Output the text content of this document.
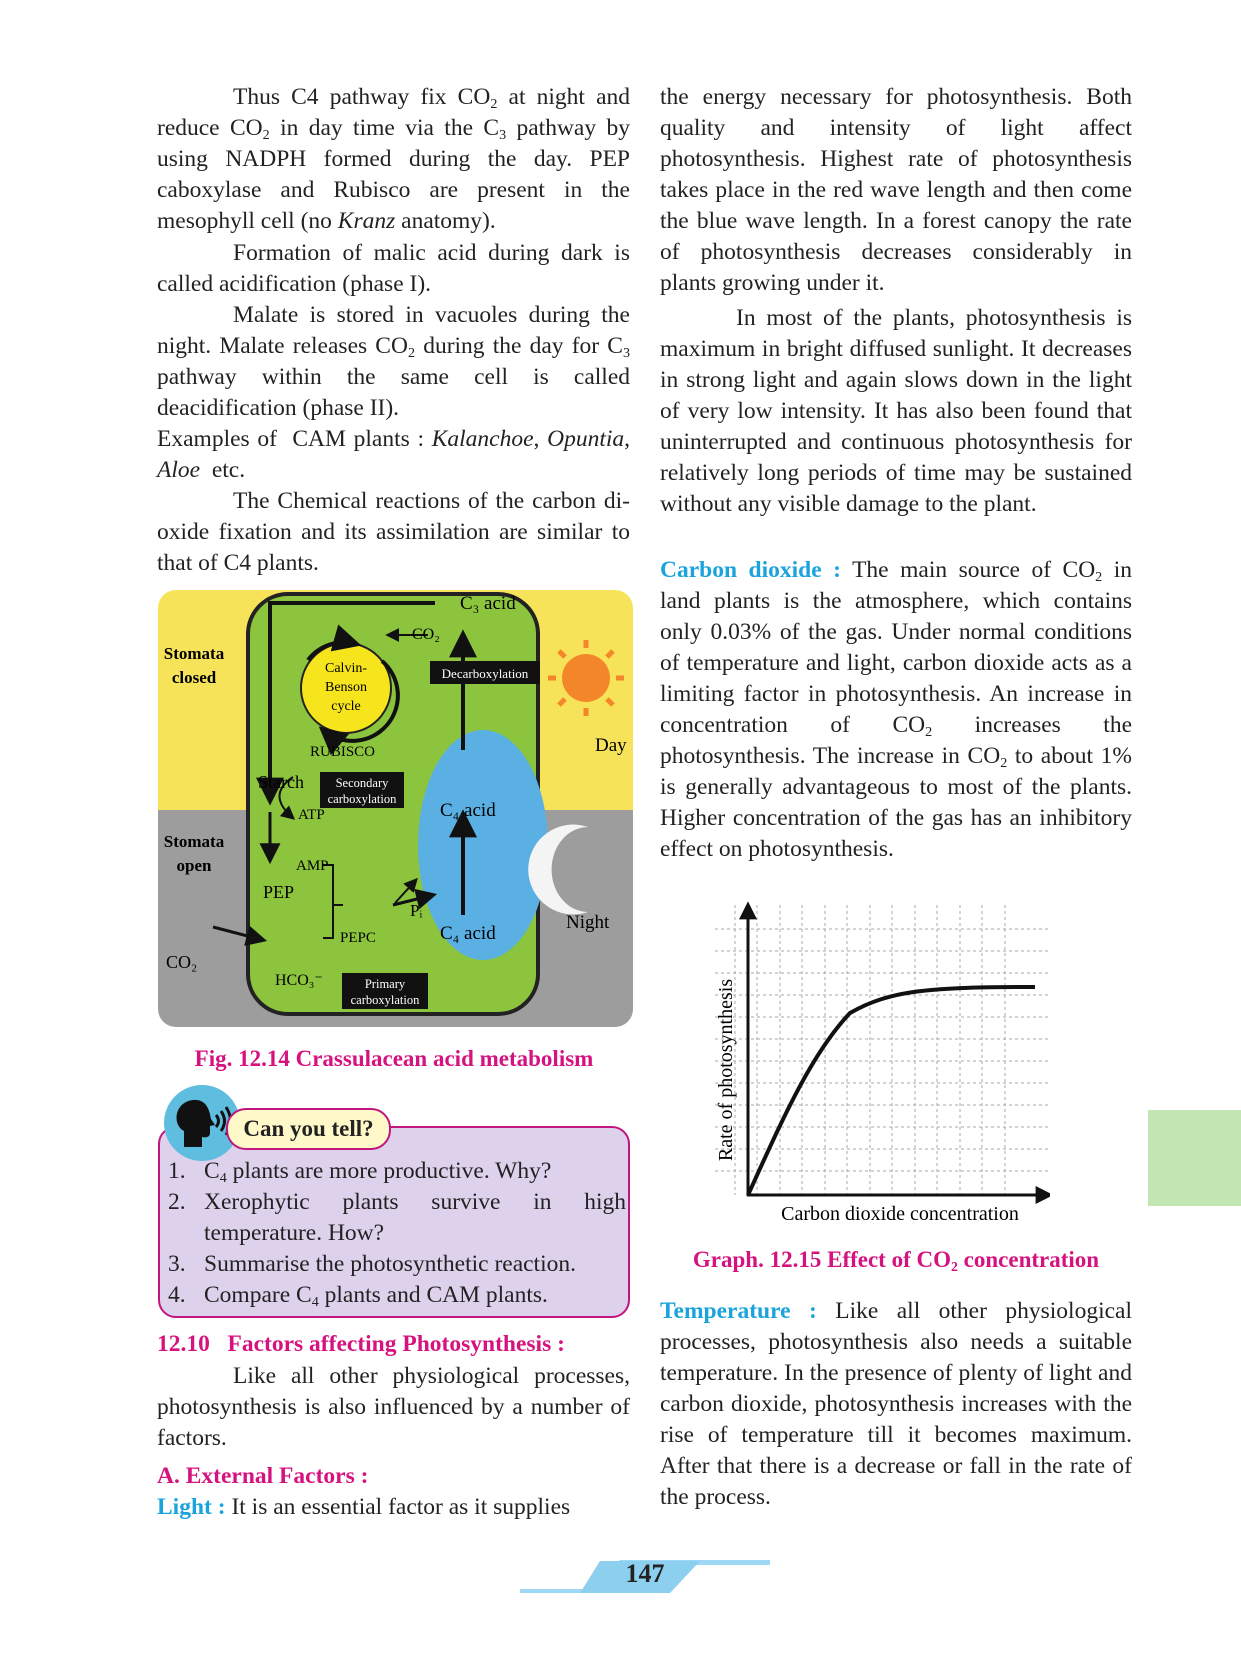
Thus C4 pathway fix $CO_2$ at night and reduce $CO_2$ in day time via the $C_3$ pathway by using NADPH formed during the day. PEP caboxylase and Rubisco are present in the mesophyll cell (no Kranz anatomy).

Formation of malic acid during dark is called acidification (phase I).

Malate is stored in vacuoles during the night. Malate releases $CO_2$ during the day for $C_3$ pathway within the same cell is called deacidification (phase II).

Examples of  CAM plants : Kalanchoe, Opuntia, Aloe  etc.

The Chemical reactions of the carbon di-oxide fixation and its assimilation are similar to that of C4 plants.

Stomata
closed
Stomata
open
Day
Night
C₃ acid
CO₂
Calvin-
Benson
cycle
Decarboxylation
RUBISCO
Starch	Secondary
carboxylation
ATP	C₄ acid
AMP
PEP
Pᵢ
PEPC	C₄ acid
CO₂
HCO₃⁻	Primary
carboxylation
Fig. 12.14 Crassulacean acid metabolism
Can you tell?
1. $C_4$ plants are more productive. Why?
2. Xerophytic plants survive in high temperature. How?
3. Summarise the photosynthetic reaction.
4. Compare $C_4$ plants and CAM plants.
12.10 Factors affecting Photosynthesis :

Like all other physiological processes, photosynthesis is also influenced by a number of factors.

A. External Factors :

Light : It is an essential factor as it supplies

the energy necessary for photosynthesis. Both quality and intensity of light affect photosynthesis. Highest rate of photosynthesis takes place in the red wave length and then come the blue wave length. In a forest canopy the rate of photosynthesis decreases considerably in plants growing under it.

In most of the plants, photosynthesis is maximum in bright diffused sunlight. It decreases in strong light and again slows down in the light of very low intensity. It has also been found that uninterrupted and continuous photosynthesis for relatively long periods of time may be sustained without any visible damage to the plant.

Carbon dioxide : The main source of $CO_2$ in land plants is the atmosphere, which contains only 0.03% of the gas. Under normal conditions of temperature and light, carbon dioxide acts as a limiting factor in photosynthesis. An increase in concentration of $CO_2$ increases the photosynthesis. The increase in $CO_2$ to about 1% is generally advantageous to most of the plants. Higher concentration of the gas has an inhibitory effect on photosynthesis.

Rate of photosynthesis
Carbon dioxide concentration
Graph. 12.15 Effect of $CO_2$ concentration

Temperature : Like all other physiological processes, photosynthesis also needs a suitable temperature. In the presence of plenty of light and carbon dioxide, photosynthesis increases with the rise of temperature till it becomes maximum. After that there is a decrease or fall in the rate of the process.

147
